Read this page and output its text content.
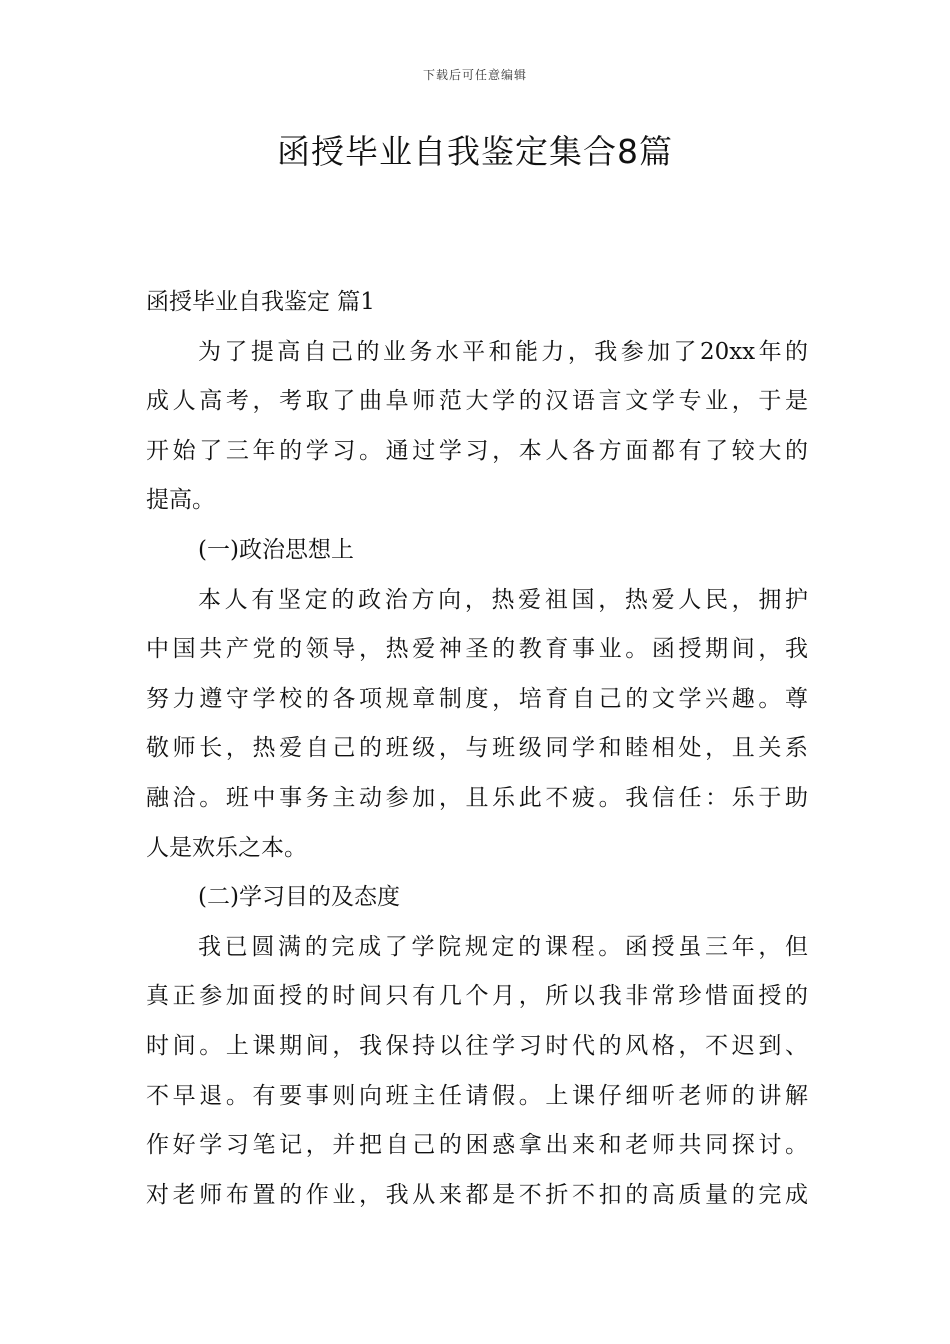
下载后可任意编辑
函授毕业自我鉴定集合8篇
函授毕业自我鉴定 篇1
为了提高自己的业务水平和能力，我参加了20xx年的
成人高考，考取了曲阜师范大学的汉语言文学专业，于是
开始了三年的学习。通过学习，本人各方面都有了较大的
提高。
(一)政治思想上
本人有坚定的政治方向，热爱祖国，热爱人民，拥护
中国共产党的领导，热爱神圣的教育事业。函授期间，我
努力遵守学校的各项规章制度，培育自己的文学兴趣。尊
敬师长，热爱自己的班级，与班级同学和睦相处，且关系
融洽。班中事务主动参加，且乐此不疲。我信任：乐于助
人是欢乐之本。
(二)学习目的及态度
我已圆满的完成了学院规定的课程。函授虽三年，但
真正参加面授的时间只有几个月，所以我非常珍惜面授的
时间。上课期间，我保持以往学习时代的风格，不迟到、
不早退。有要事则向班主任请假。上课仔细听老师的讲解
作好学习笔记，并把自己的困惑拿出来和老师共同探讨。
对老师布置的作业，我从来都是不折不扣的高质量的完成
